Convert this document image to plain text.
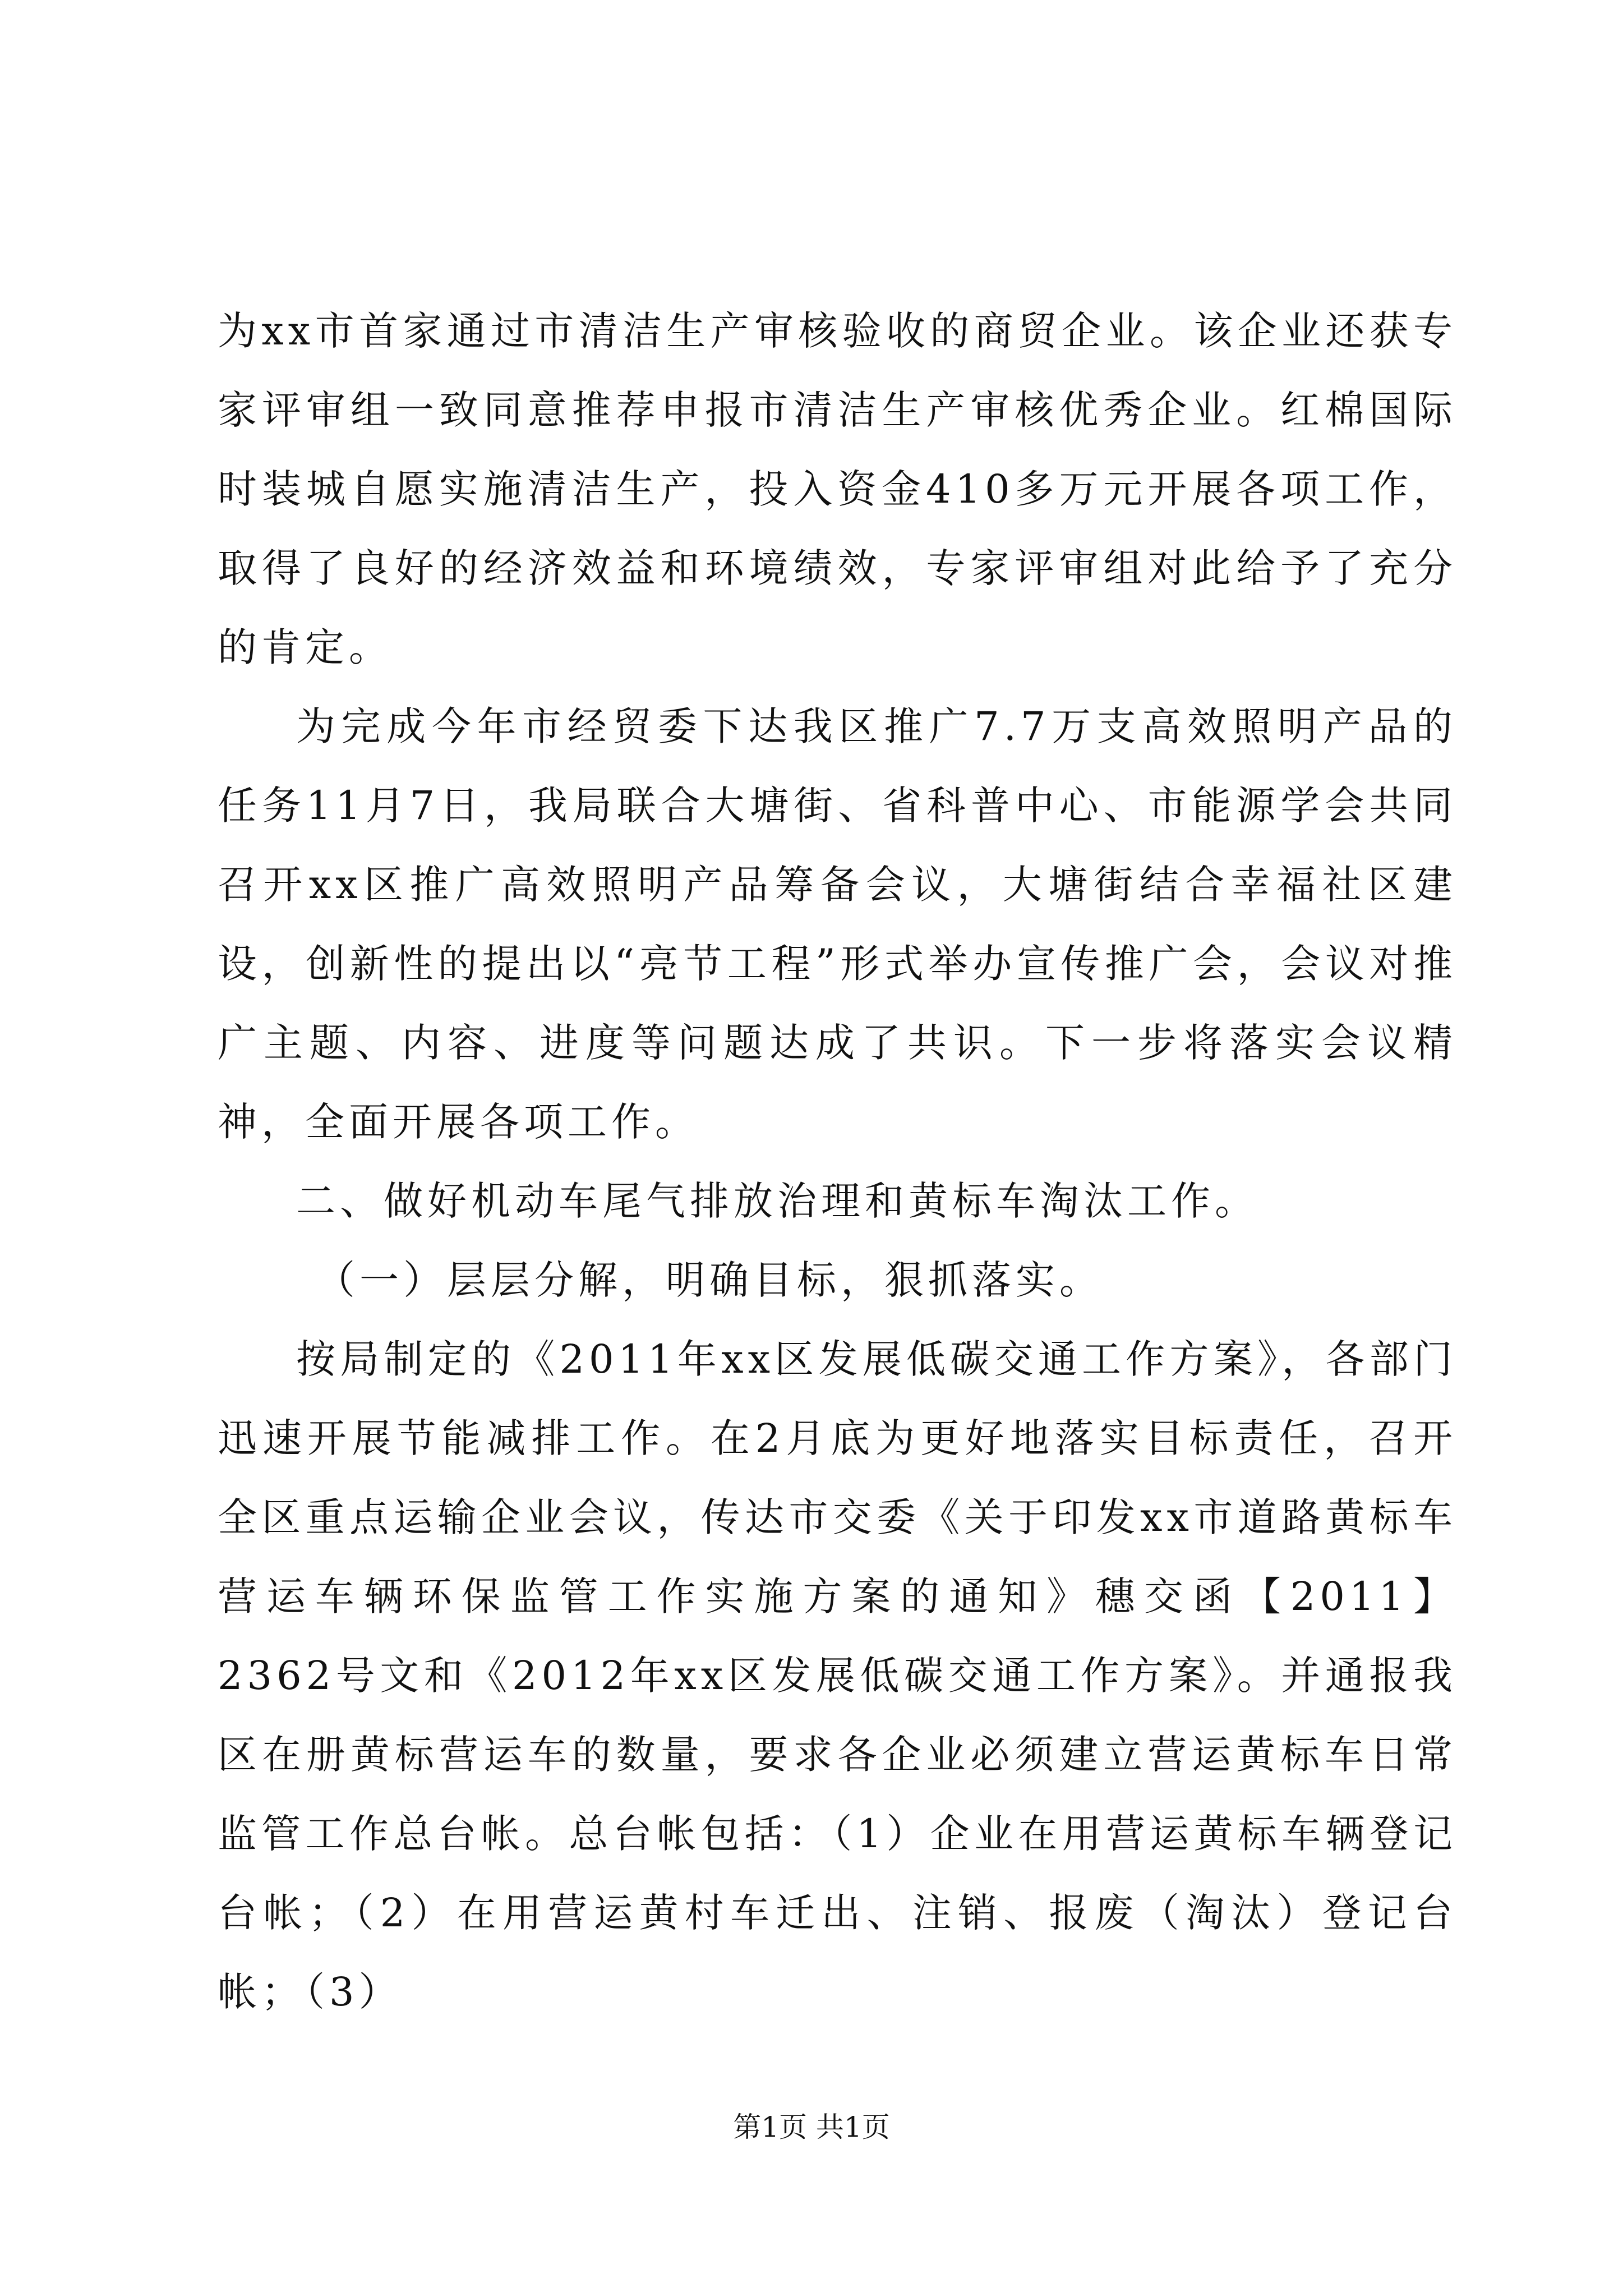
为xx市首家通过市清洁生产审核验收的商贸企业。该企业还获专家评审组一致同意推荐申报市清洁生产审核优秀企业。红棉国际时装城自愿实施清洁生产，投入资金410多万元开展各项工作，取得了良好的经济效益和环境绩效，专家评审组对此给予了充分的肯定。

为完成今年市经贸委下达我区推广7.7万支高效照明产品的任务11月7日，我局联合大塘街、省科普中心、市能源学会共同召开xx区推广高效照明产品筹备会议，大塘街结合幸福社区建设，创新性的提出以“亮节工程”形式举办宣传推广会，会议对推广主题、内容、进度等问题达成了共识。下一步将落实会议精神，全面开展各项工作。

二、做好机动车尾气排放治理和黄标车淘汰工作。

（一）层层分解，明确目标，狠抓落实。

按局制定的《2011年xx区发展低碳交通工作方案》，各部门迅速开展节能减排工作。在2月底为更好地落实目标责任，召开全区重点运输企业会议，传达市交委《关于印发xx市道路黄标车营运车辆环保监管工作实施方案的通知》穗交函【2011】2362号文和《2012年xx区发展低碳交通工作方案》。并通报我区在册黄标营运车的数量，要求各企业必须建立营运黄标车日常监管工作总台帐。总台帐包括：（1）企业在用营运黄标车辆登记台帐；（2）在用营运黄村车迁出、注销、报废（淘汰）登记台帐；（3）

第1页 共1页
